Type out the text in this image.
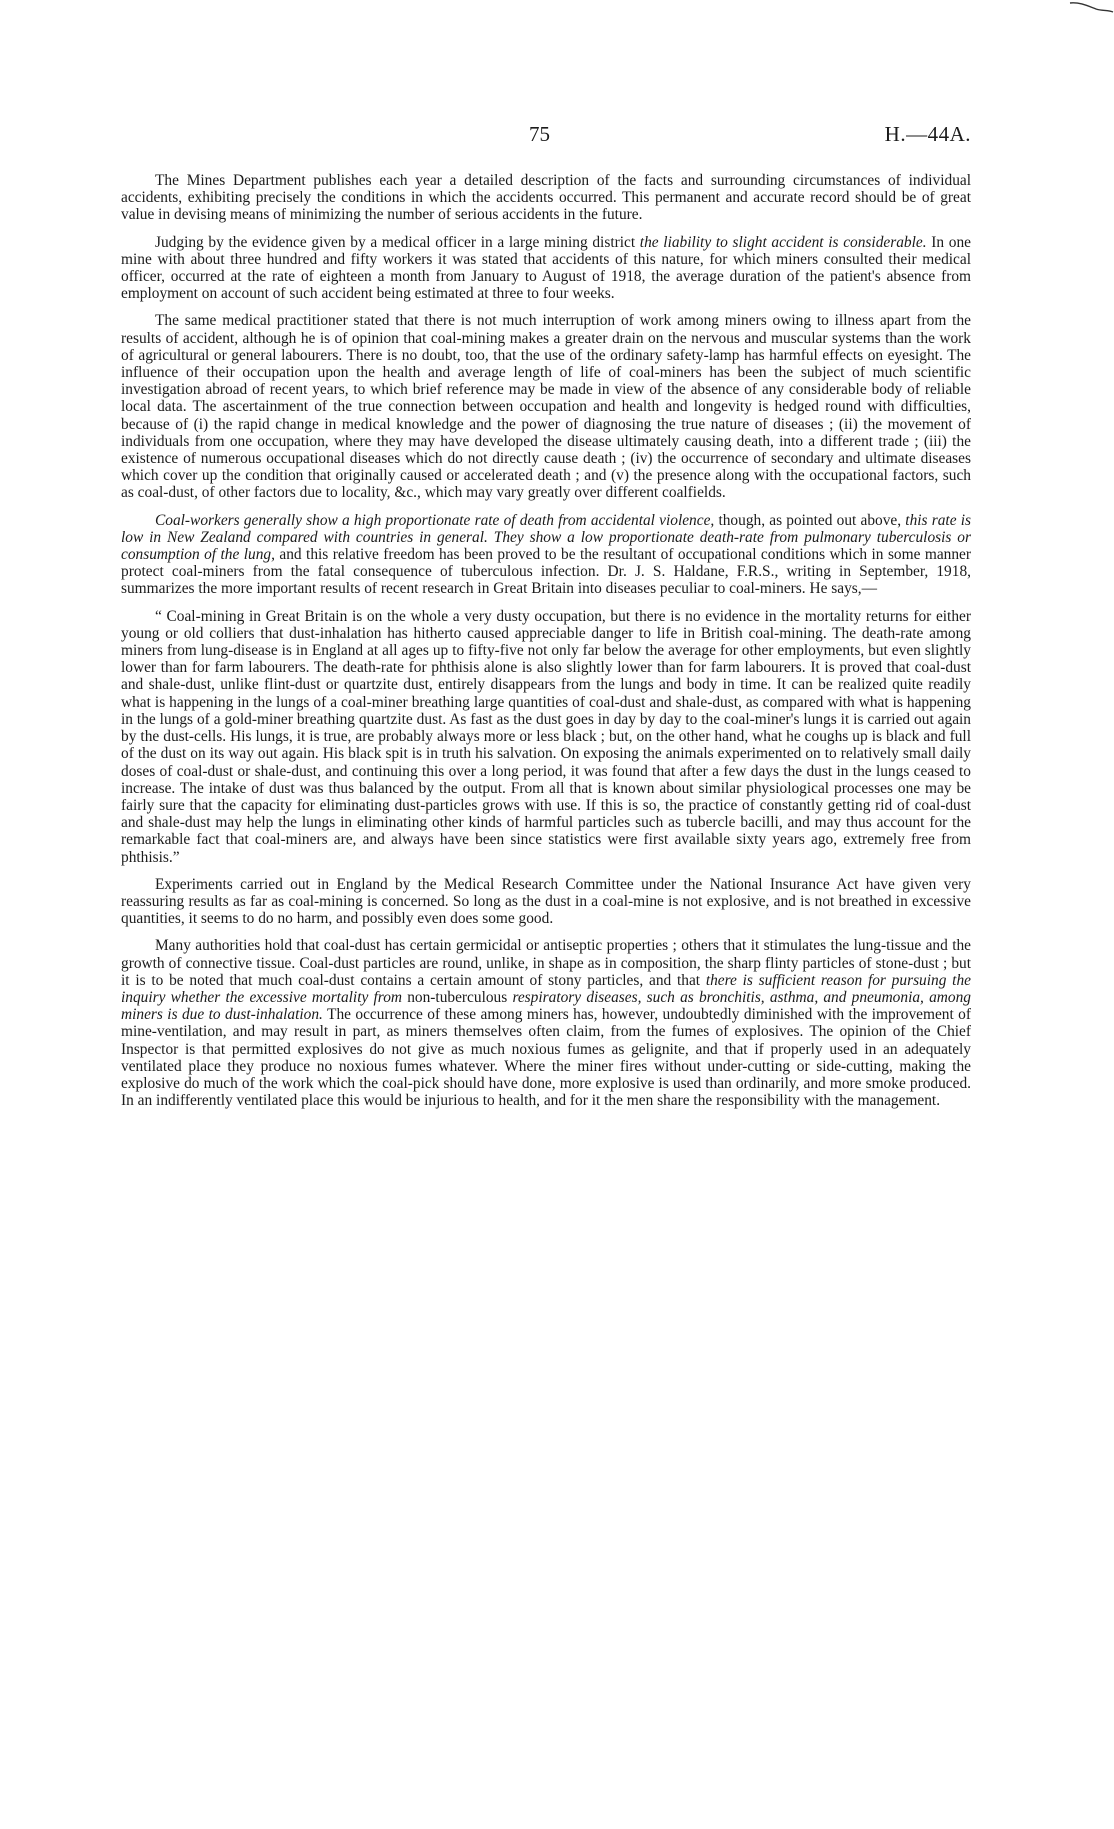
75	H.—44A.

The Mines Department publishes each year a detailed description of the facts and surrounding circumstances of individual accidents, exhibiting precisely the conditions in which the accidents occurred. This permanent and accurate record should be of great value in devising means of minimizing the number of serious accidents in the future.

Judging by the evidence given by a medical officer in a large mining district the liability to slight accident is considerable. In one mine with about three hundred and fifty workers it was stated that accidents of this nature, for which miners consulted their medical officer, occurred at the rate of eighteen a month from January to August of 1918, the average duration of the patient's absence from employment on account of such accident being estimated at three to four weeks.

The same medical practitioner stated that there is not much interruption of work among miners owing to illness apart from the results of accident, although he is of opinion that coal-mining makes a greater drain on the nervous and muscular systems than the work of agricultural or general labourers. There is no doubt, too, that the use of the ordinary safety-lamp has harmful effects on eyesight. The influence of their occupation upon the health and average length of life of coal-miners has been the subject of much scientific investigation abroad of recent years, to which brief reference may be made in view of the absence of any considerable body of reliable local data. The ascertainment of the true connection between occupation and health and longevity is hedged round with difficulties, because of (i) the rapid change in medical knowledge and the power of diagnosing the true nature of diseases ; (ii) the movement of individuals from one occupation, where they may have developed the disease ultimately causing death, into a different trade ; (iii) the existence of numerous occupational diseases which do not directly cause death ; (iv) the occurrence of secondary and ultimate diseases which cover up the condition that originally caused or accelerated death ; and (v) the presence along with the occupational factors, such as coal-dust, of other factors due to locality, &c., which may vary greatly over different coalfields.

Coal-workers generally show a high proportionate rate of death from accidental violence, though, as pointed out above, this rate is low in New Zealand compared with countries in general. They show a low proportionate death-rate from pulmonary tuberculosis or consumption of the lung, and this relative freedom has been proved to be the resultant of occupational conditions which in some manner protect coal-miners from the fatal consequence of tuberculous infection. Dr. J. S. Haldane, F.R.S., writing in September, 1918, summarizes the more important results of recent research in Great Britain into diseases peculiar to coal-miners. He says,—

“ Coal-mining in Great Britain is on the whole a very dusty occupation, but there is no evidence in the mortality returns for either young or old colliers that dust-inhalation has hitherto caused appreciable danger to life in British coal-mining. The death-rate among miners from lung-disease is in England at all ages up to fifty-five not only far below the average for other employments, but even slightly lower than for farm labourers. The death-rate for phthisis alone is also slightly lower than for farm labourers. It is proved that coal-dust and shale-dust, unlike flint-dust or quartzite dust, entirely disappears from the lungs and body in time. It can be realized quite readily what is happening in the lungs of a coal-miner breathing large quantities of coal-dust and shale-dust, as compared with what is happening in the lungs of a gold-miner breathing quartzite dust. As fast as the dust goes in day by day to the coal-miner's lungs it is carried out again by the dust-cells. His lungs, it is true, are probably always more or less black ; but, on the other hand, what he coughs up is black and full of the dust on its way out again. His black spit is in truth his salvation. On exposing the animals experimented on to relatively small daily doses of coal-dust or shale-dust, and continuing this over a long period, it was found that after a few days the dust in the lungs ceased to increase. The intake of dust was thus balanced by the output. From all that is known about similar physiological processes one may be fairly sure that the capacity for eliminating dust-particles grows with use. If this is so, the practice of constantly getting rid of coal-dust and shale-dust may help the lungs in eliminating other kinds of harmful particles such as tubercle bacilli, and may thus account for the remarkable fact that coal-miners are, and always have been since statistics were first available sixty years ago, extremely free from phthisis.”

Experiments carried out in England by the Medical Research Committee under the National Insurance Act have given very reassuring results as far as coal-mining is concerned. So long as the dust in a coal-mine is not explosive, and is not breathed in excessive quantities, it seems to do no harm, and possibly even does some good.

Many authorities hold that coal-dust has certain germicidal or antiseptic properties ; others that it stimulates the lung-tissue and the growth of connective tissue. Coal-dust particles are round, unlike, in shape as in composition, the sharp flinty particles of stone-dust ; but it is to be noted that much coal-dust contains a certain amount of stony particles, and that there is sufficient reason for pursuing the inquiry whether the excessive mortality from non-tuberculous respiratory diseases, such as bronchitis, asthma, and pneumonia, among miners is due to dust-inhalation. The occurrence of these among miners has, however, undoubtedly diminished with the improvement of mine-ventilation, and may result in part, as miners themselves often claim, from the fumes of explosives. The opinion of the Chief Inspector is that permitted explosives do not give as much noxious fumes as gelignite, and that if properly used in an adequately ventilated place they produce no noxious fumes whatever. Where the miner fires without under-cutting or side-cutting, making the explosive do much of the work which the coal-pick should have done, more explosive is used than ordinarily, and more smoke produced. In an indifferently ventilated place this would be injurious to health, and for it the men share the responsibility with the management.
